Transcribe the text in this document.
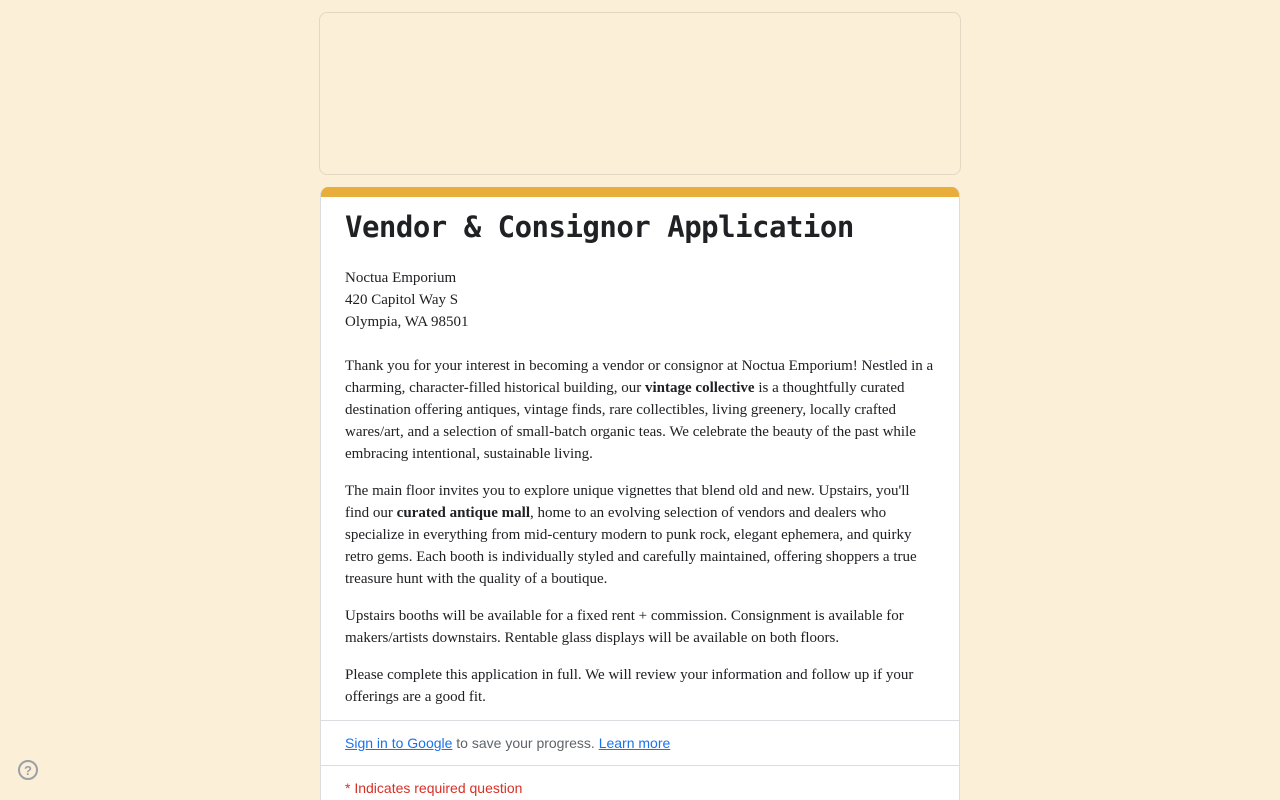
Vendor & Consignor Application
Noctua Emporium
420 Capitol Way S
Olympia, WA 98501

Thank you for your interest in becoming a vendor or consignor at Noctua Emporium! Nestled in a charming, character-filled historical building, our vintage collective is a thoughtfully curated destination offering antiques, vintage finds, rare collectibles, living greenery, locally crafted wares/art, and a selection of small-batch organic teas. We celebrate the beauty of the past while embracing intentional, sustainable living.

The main floor invites you to explore unique vignettes that blend old and new. Upstairs, you'll find our curated antique mall, home to an evolving selection of vendors and dealers who specialize in everything from mid-century modern to punk rock, elegant ephemera, and quirky retro gems. Each booth is individually styled and carefully maintained, offering shoppers a true treasure hunt with the quality of a boutique.

Upstairs booths will be available for a fixed rent + commission. Consignment is available for makers/artists downstairs. Rentable glass displays will be available on both floors.

Please complete this application in full. We will review your information and follow up if your offerings are a good fit.

Sign in to Google to save your progress. Learn more
* Indicates required question
?
